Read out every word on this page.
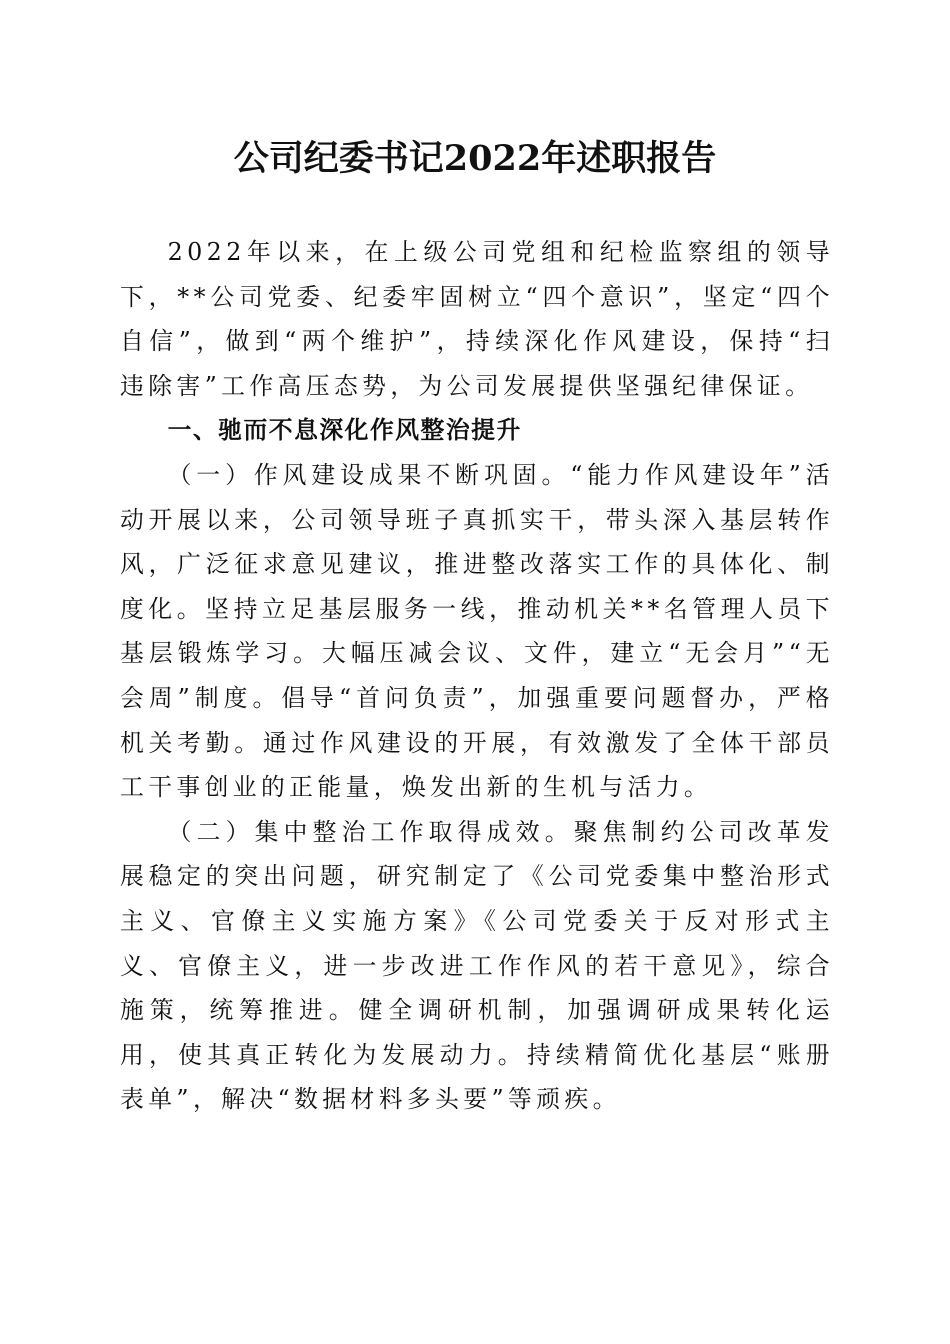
公司纪委书记2022年述职报告

2022年以来，在上级公司党组和纪检监察组的领导下，**公司党委、纪委牢固树立“四个意识”，坚定“四个自信”，做到“两个维护”，持续深化作风建设，保持“扫违除害”工作高压态势，为公司发展提供坚强纪律保证。

一、驰而不息深化作风整治提升

（一）作风建设成果不断巩固。“能力作风建设年”活动开展以来，公司领导班子真抓实干，带头深入基层转作风，广泛征求意见建议，推进整改落实工作的具体化、制度化。坚持立足基层服务一线，推动机关**名管理人员下基层锻炼学习。大幅压减会议、文件，建立“无会月”“无会周”制度。倡导“首问负责”，加强重要问题督办，严格机关考勤。通过作风建设的开展，有效激发了全体干部员工干事创业的正能量，焕发出新的生机与活力。

（二）集中整治工作取得成效。聚焦制约公司改革发展稳定的突出问题，研究制定了《公司党委集中整治形式主义、官僚主义实施方案》《公司党委关于反对形式主义、官僚主义，进一步改进工作作风的若干意见》，综合施策，统筹推进。健全调研机制，加强调研成果转化运用，使其真正转化为发展动力。持续精简优化基层“账册表单”，解决“数据材料多头要”等顽疾。
